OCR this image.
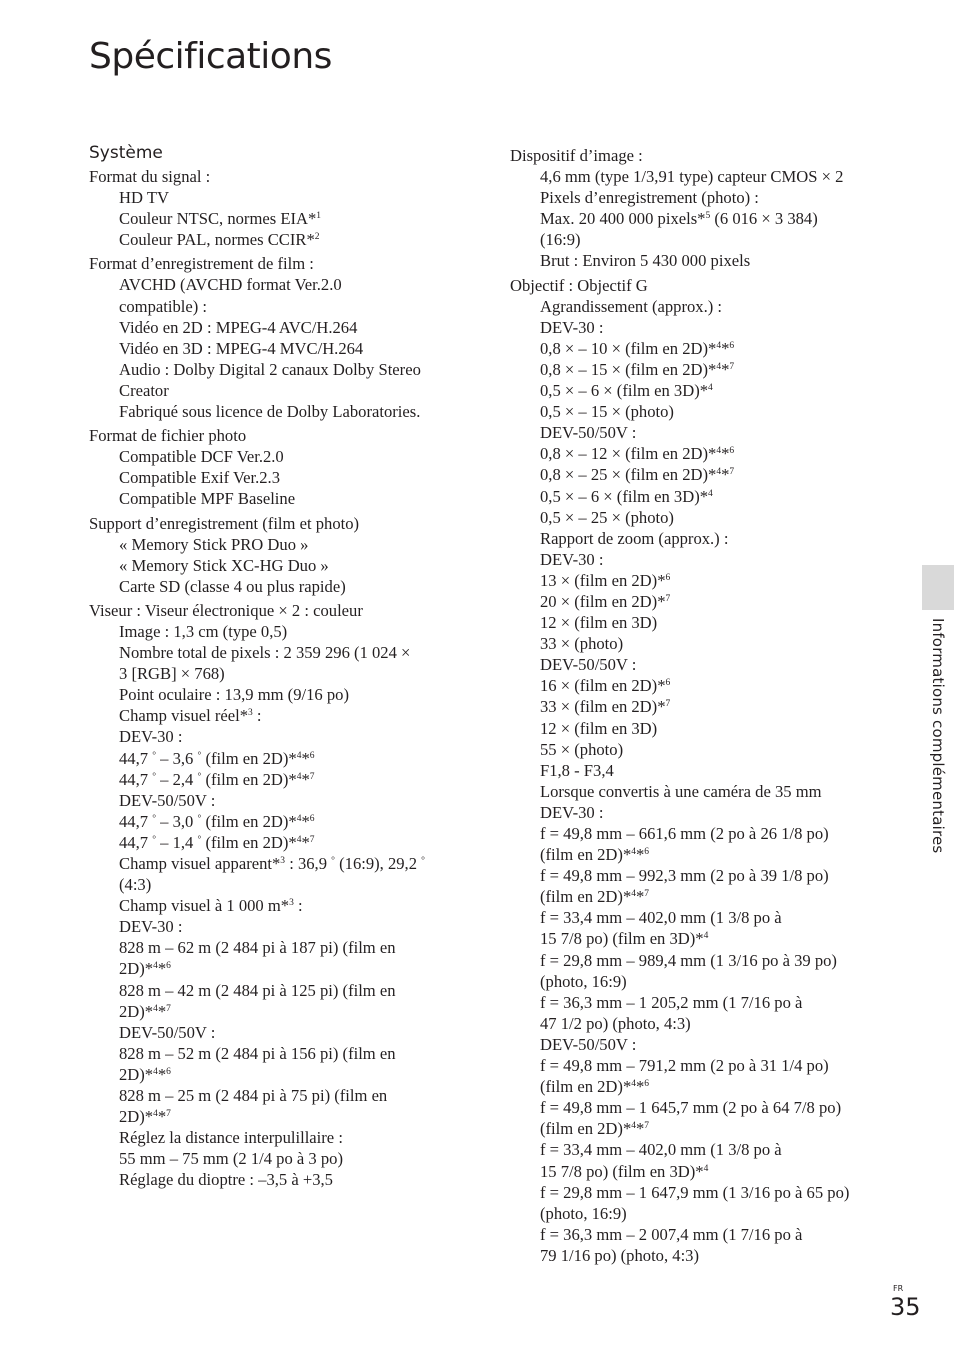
Spécifications
Système
Format du signal :
HD TV
Couleur NTSC, normes EIA*$^1$
Couleur PAL, normes CCIR*$^2$
Format d’enregistrement de film :
AVCHD (AVCHD format Ver.2.0
compatible) :
Vidéo en 2D : MPEG-4 AVC/H.264
Vidéo en 3D : MPEG-4 MVC/H.264
Audio : Dolby Digital 2 canaux Dolby Stereo
Creator
Fabriqué sous licence de Dolby Laboratories.
Format de fichier photo
Compatible DCF Ver.2.0
Compatible Exif Ver.2.3
Compatible MPF Baseline
Support d’enregistrement (film et photo)
« Memory Stick PRO Duo »
« Memory Stick XC-HG Duo »
Carte SD (classe 4 ou plus rapide)
Viseur : Viseur électronique × 2 : couleur
Image : 1,3 cm (type 0,5)
Nombre total de pixels : 2 359 296 (1 024 ×
3 [RGB] × 768)
Point oculaire : 13,9 mm (9/16 po)
Champ visuel réel*$^3$ :
DEV-30 :
44,7 ° – 3,6 ° (film en 2D)*$^4$*$^6$
44,7 ° – 2,4 ° (film en 2D)*$^4$*$^7$
DEV-50/50V :
44,7 ° – 3,0 ° (film en 2D)*$^4$*$^6$
44,7 ° – 1,4 ° (film en 2D)*$^4$*$^7$
Champ visuel apparent*$^3$ : 36,9 ° (16:9), 29,2 °
(4:3)
Champ visuel à 1 000 m*$^3$ :
DEV-30 :
828 m – 62 m (2 484 pi à 187 pi) (film en
2D)*$^4$*$^6$
828 m – 42 m (2 484 pi à 125 pi) (film en
2D)*$^4$*$^7$
DEV-50/50V :
828 m – 52 m (2 484 pi à 156 pi) (film en
2D)*$^4$*$^6$
828 m – 25 m (2 484 pi à 75 pi) (film en
2D)*$^4$*$^7$
Réglez la distance interpulillaire :
55 mm – 75 mm (2 1/4 po à 3 po)
Réglage du dioptre : –3,5 à +3,5
Dispositif d’image :
4,6 mm (type 1/3,91 type) capteur CMOS × 2
Pixels d’enregistrement (photo) :
Max. 20 400 000 pixels*$^5$ (6 016 × 3 384)
(16:9)
Brut : Environ 5 430 000 pixels
Objectif : Objectif G
Agrandissement (approx.) :
DEV-30 :
0,8 × – 10 × (film en 2D)*$^4$*$^6$
0,8 × – 15 × (film en 2D)*$^4$*$^7$
0,5 × – 6 × (film en 3D)*$^4$
0,5 × – 15 × (photo)
DEV-50/50V :
0,8 × – 12 × (film en 2D)*$^4$*$^6$
0,8 × – 25 × (film en 2D)*$^4$*$^7$
0,5 × – 6 × (film en 3D)*$^4$
0,5 × – 25 × (photo)
Rapport de zoom (approx.) :
DEV-30 :
13 × (film en 2D)*$^6$
20 × (film en 2D)*$^7$
12 × (film en 3D)
33 × (photo)
DEV-50/50V :
16 × (film en 2D)*$^6$
33 × (film en 2D)*$^7$
12 × (film en 3D)
55 × (photo)
F1,8 - F3,4
Lorsque convertis à une caméra de 35 mm
DEV-30 :
f = 49,8 mm – 661,6 mm (2 po à 26 1/8 po)
(film en 2D)*$^4$*$^6$
f = 49,8 mm – 992,3 mm (2 po à 39 1/8 po)
(film en 2D)*$^4$*$^7$
f = 33,4 mm – 402,0 mm (1 3/8 po à
15 7/8 po) (film en 3D)*$^4$
f = 29,8 mm – 989,4 mm (1 3/16 po à 39 po)
(photo, 16:9)
f = 36,3 mm – 1 205,2 mm (1 7/16 po à
47 1/2 po) (photo, 4:3)
DEV-50/50V :
f = 49,8 mm – 791,2 mm (2 po à 31 1/4 po)
(film en 2D)*$^4$*$^6$
f = 49,8 mm – 1 645,7 mm (2 po à 64 7/8 po)
(film en 2D)*$^4$*$^7$
f = 33,4 mm – 402,0 mm (1 3/8 po à
15 7/8 po) (film en 3D)*$^4$
f = 29,8 mm – 1 647,9 mm (1 3/16 po à 65 po)
(photo, 16:9)
f = 36,3 mm – 2 007,4 mm (1 7/16 po à
79 1/16 po) (photo, 4:3)
Informations complémentaires
FR
35
